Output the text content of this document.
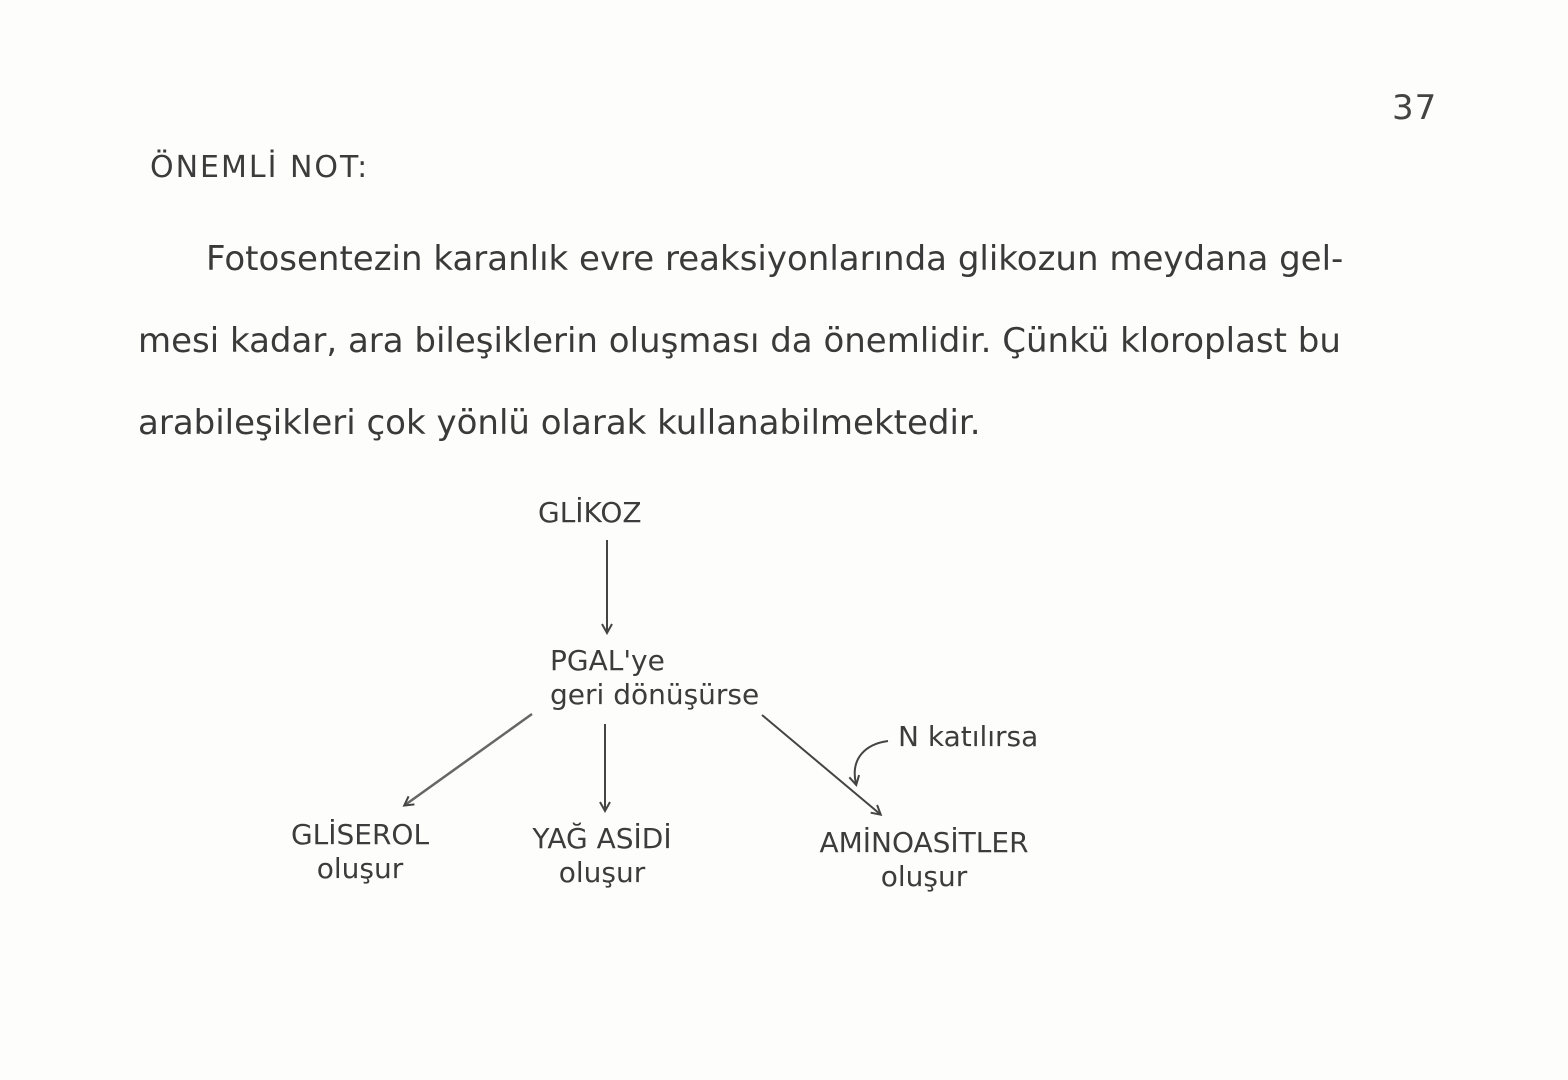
37
ÖNEMLİ NOT:
Fotosentezin karanlık evre reaksiyonlarında glikozun meydana gel-
mesi kadar, ara bileşiklerin oluşması da önemlidir. Çünkü kloroplast bu
arabileşikleri çok yönlü olarak kullanabilmektedir.
GLİKOZ
PGAL'ye
geri dönüşürse
N katılırsa
GLİSEROL
oluşur
YAĞ ASİDİ
oluşur
AMİNOASİTLER
oluşur
